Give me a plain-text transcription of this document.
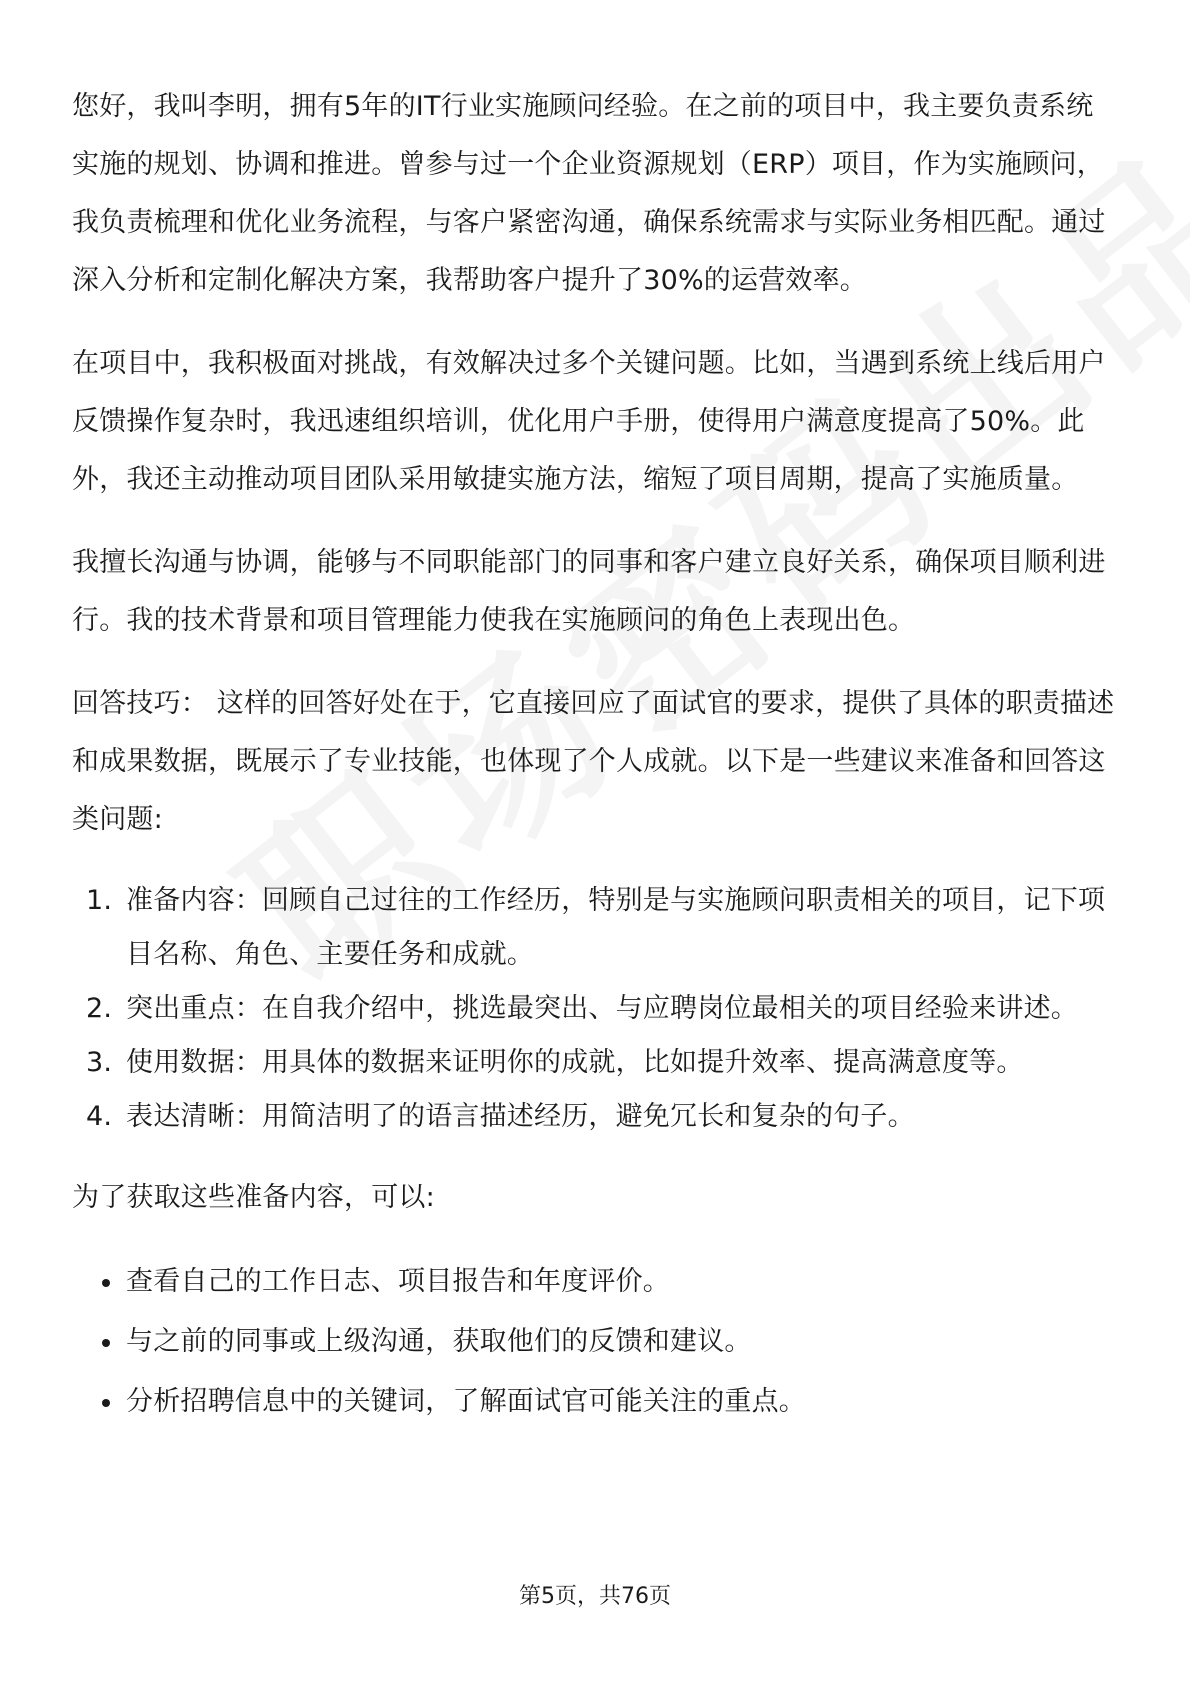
您好，我叫李明，拥有5年的IT行业实施顾问经验。在之前的项目中，我主要负责系统实施的规划、协调和推进。曾参与过一个企业资源规划（ERP）项目，作为实施顾问，我负责梳理和优化业务流程，与客户紧密沟通，确保系统需求与实际业务相匹配。通过深入分析和定制化解决方案，我帮助客户提升了30%的运营效率。

在项目中，我积极面对挑战，有效解决过多个关键问题。比如，当遇到系统上线后用户反馈操作复杂时，我迅速组织培训，优化用户手册，使得用户满意度提高了50%。此外，我还主动推动项目团队采用敏捷实施方法，缩短了项目周期，提高了实施质量。

我擅长沟通与协调，能够与不同职能部门的同事和客户建立良好关系，确保项目顺利进行。我的技术背景和项目管理能力使我在实施顾问的角色上表现出色。

回答技巧： 这样的回答好处在于，它直接回应了面试官的要求，提供了具体的职责描述和成果数据，既展示了专业技能，也体现了个人成就。以下是一些建议来准备和回答这类问题:

1. 准备内容：回顾自己过往的工作经历，特别是与实施顾问职责相关的项目，记下项目名称、角色、主要任务和成就。
2. 突出重点：在自我介绍中，挑选最突出、与应聘岗位最相关的项目经验来讲述。
3. 使用数据：用具体的数据来证明你的成就，比如提升效率、提高满意度等。
4. 表达清晰：用简洁明了的语言描述经历，避免冗长和复杂的句子。

为了获取这些准备内容，可以:

查看自己的工作日志、项目报告和年度评价。
与之前的同事或上级沟通，获取他们的反馈和建议。
分析招聘信息中的关键词，了解面试官可能关注的重点。
第5页，共76页
